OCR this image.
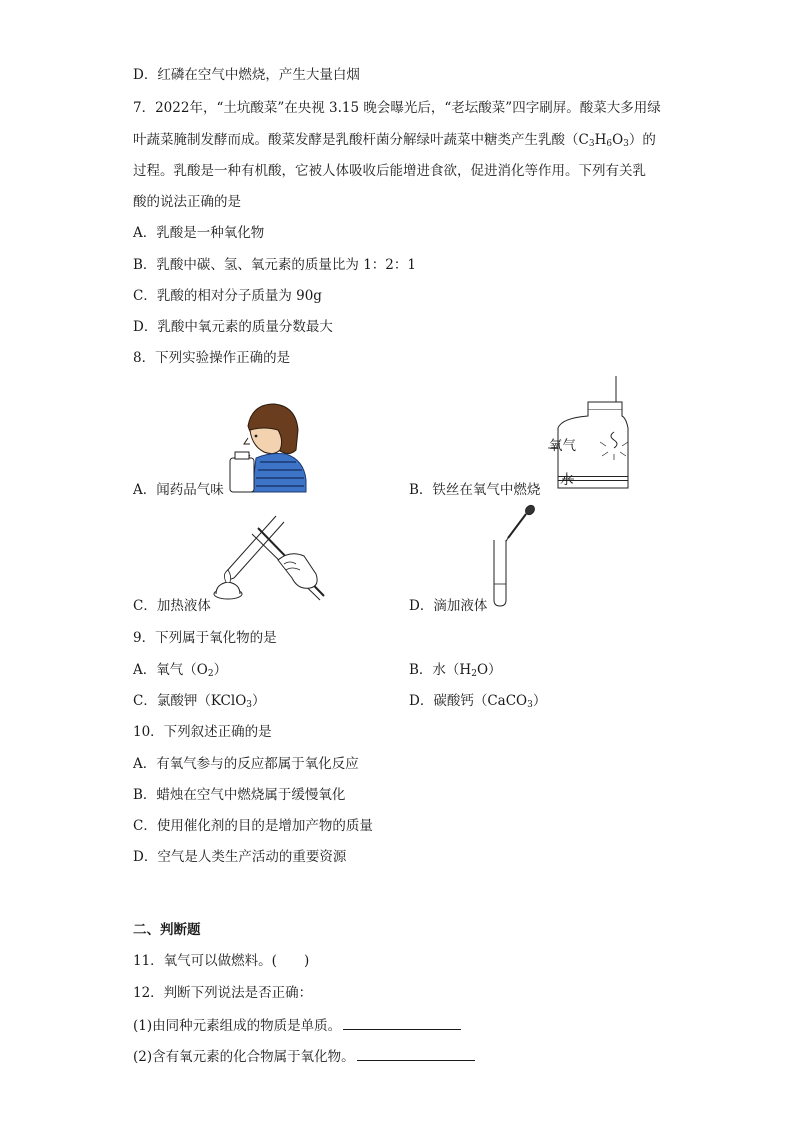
D．红磷在空气中燃烧，产生大量白烟
7．2022年，“土坑酸菜”在央视 3.15 晚会曝光后，“老坛酸菜”四字刷屏。酸菜大多用绿
叶蔬菜腌制发酵而成。酸菜发酵是乳酸杆菌分解绿叶蔬菜中糖类产生乳酸$(C_3H_6O_3)$的
过程。乳酸是一种有机酸，它被人体吸收后能增进食欲，促进消化等作用。下列有关乳
酸的说法正确的是
A．乳酸是一种氧化物
B．乳酸中碳、氢、氧元素的质量比为 1：2：1
C．乳酸的相对分子质量为 90g
D．乳酸中氧元素的质量分数最大
8．下列实验操作正确的是
A．闻药品气味
氧气
水
B．铁丝在氧气中燃烧
C．加热液体	D．滴加液体
9．下列属于氧化物的是
A．氧气$(O_2)$	B．水$(H_2O)$
C．氯酸钾（KClO$_3$）	D．碳酸钙（CaCO$_3$）
10．下列叙述正确的是
A．有氧气参与的反应都属于氧化反应
B．蜡烛在空气中燃烧属于缓慢氧化
C．使用催化剂的目的是增加产物的质量
D．空气是人类生产活动的重要资源
二、判断题
11．氧气可以做燃料。(　　)
12．判断下列说法是否正确：
(1)由同种元素组成的物质是单质。
(2)含有氧元素的化合物属于氧化物。
